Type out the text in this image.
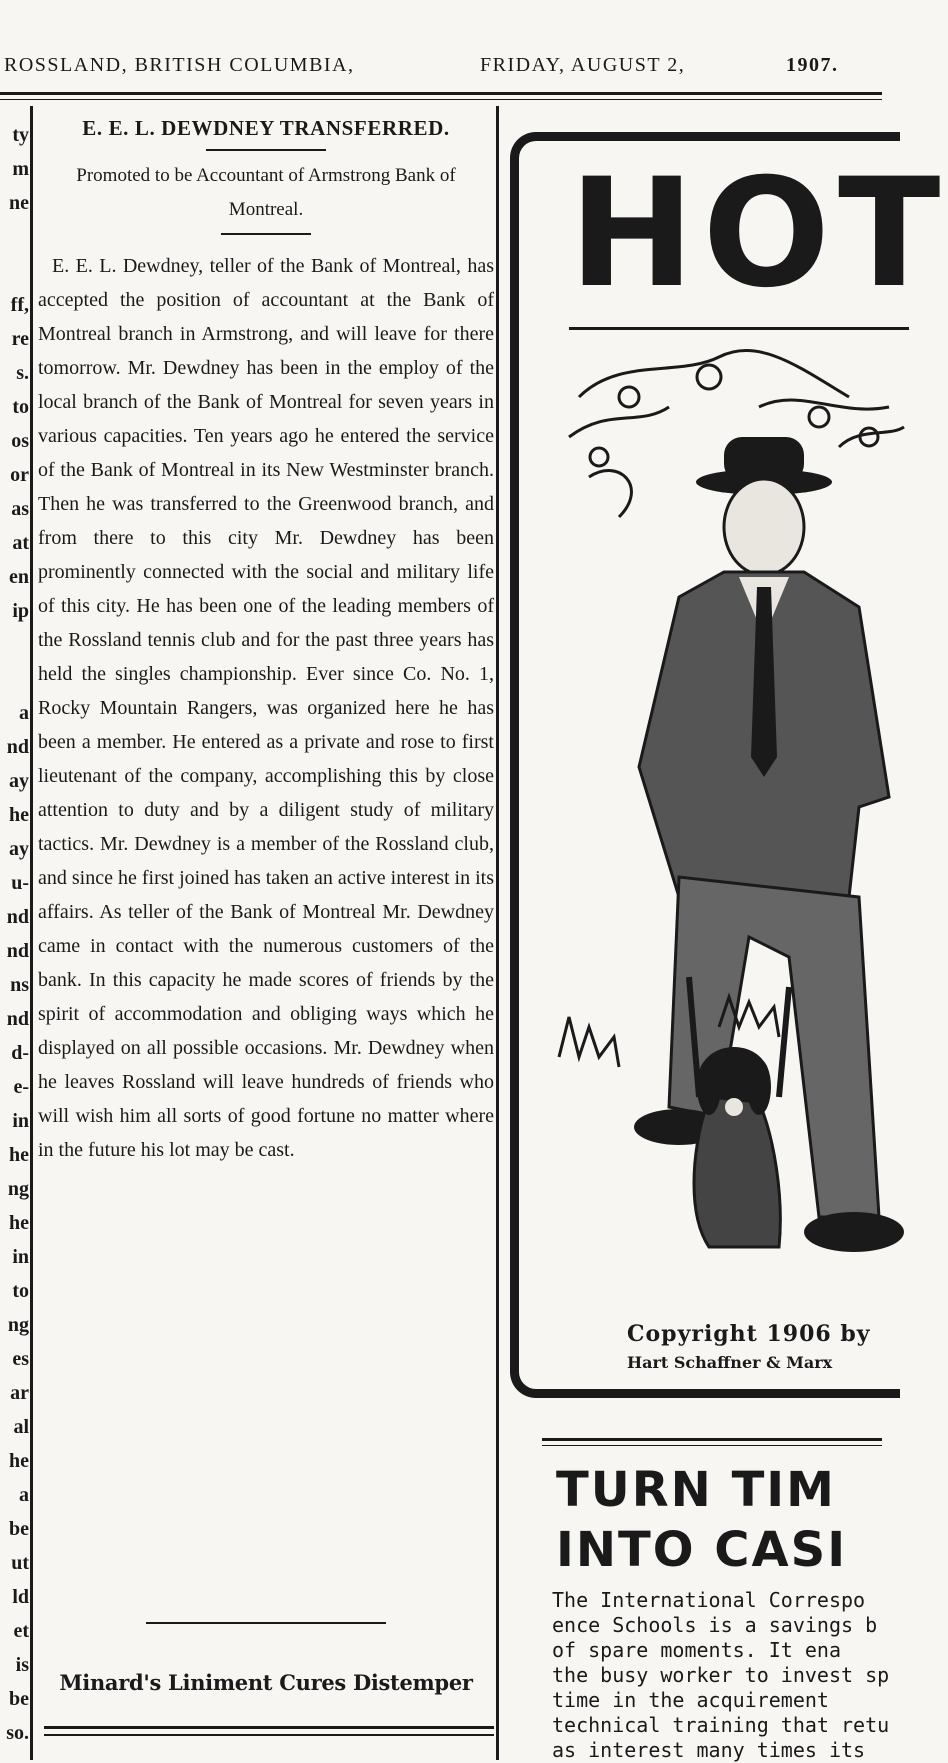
ROSSLAND, BRITISH COLUMBIA,	FRIDAY, AUGUST 2,	1907.
ty
m
ne
ff,
re
s.
to
os
or
as
at
en
ip
a
nd
ay
he
ay
u-
nd
nd
ns
nd
d-
e-
in
he
ng
he
in
to
ng
es
ar
al
he
a
be
ut
ld
et
is
be
so.
E. E. L. DEWDNEY TRANSFERRED.

Promoted to be Accountant of Armstrong Bank of Montreal.

E. E. L. Dewdney, teller of the Bank of Montreal, has accepted the position of accountant at the Bank of Montreal branch in Armstrong, and will leave for there tomorrow. Mr. Dewdney has been in the employ of the local branch of the Bank of Montreal for seven years in various capacities. Ten years ago he entered the service of the Bank of Montreal in its New Westminster branch. Then he was transferred to the Greenwood branch, and from there to this city Mr. Dewdney has been prominently connected with the social and military life of this city. He has been one of the leading members of the Rossland tennis club and for the past three years has held the singles championship. Ever since Co. No. 1, Rocky Mountain Rangers, was organized here he has been a member. He entered as a private and rose to first lieutenant of the company, accomplishing this by close attention to duty and by a diligent study of military tactics. Mr. Dewdney is a member of the Rossland club, and since he first joined has taken an active interest in its affairs. As teller of the Bank of Montreal Mr. Dewdney came in contact with the numerous customers of the bank. In this capacity he made scores of friends by the spirit of accommodation and obliging ways which he displayed on all possible occasions. Mr. Dewdney when he leaves Rossland will leave hundreds of friends who will wish him all sorts of good fortune no matter where in the future his lot may be cast.

Minard's Liniment Cures Distemper
HOT
Copyright 1906 by
Hart Schaffner & Marx
TURN TIM
INTO CASI
The International Correspo
ence Schools is a savings b
of spare moments. It ena
the busy worker to invest sp
time in the acquirement
technical training that retu
as interest many times its
